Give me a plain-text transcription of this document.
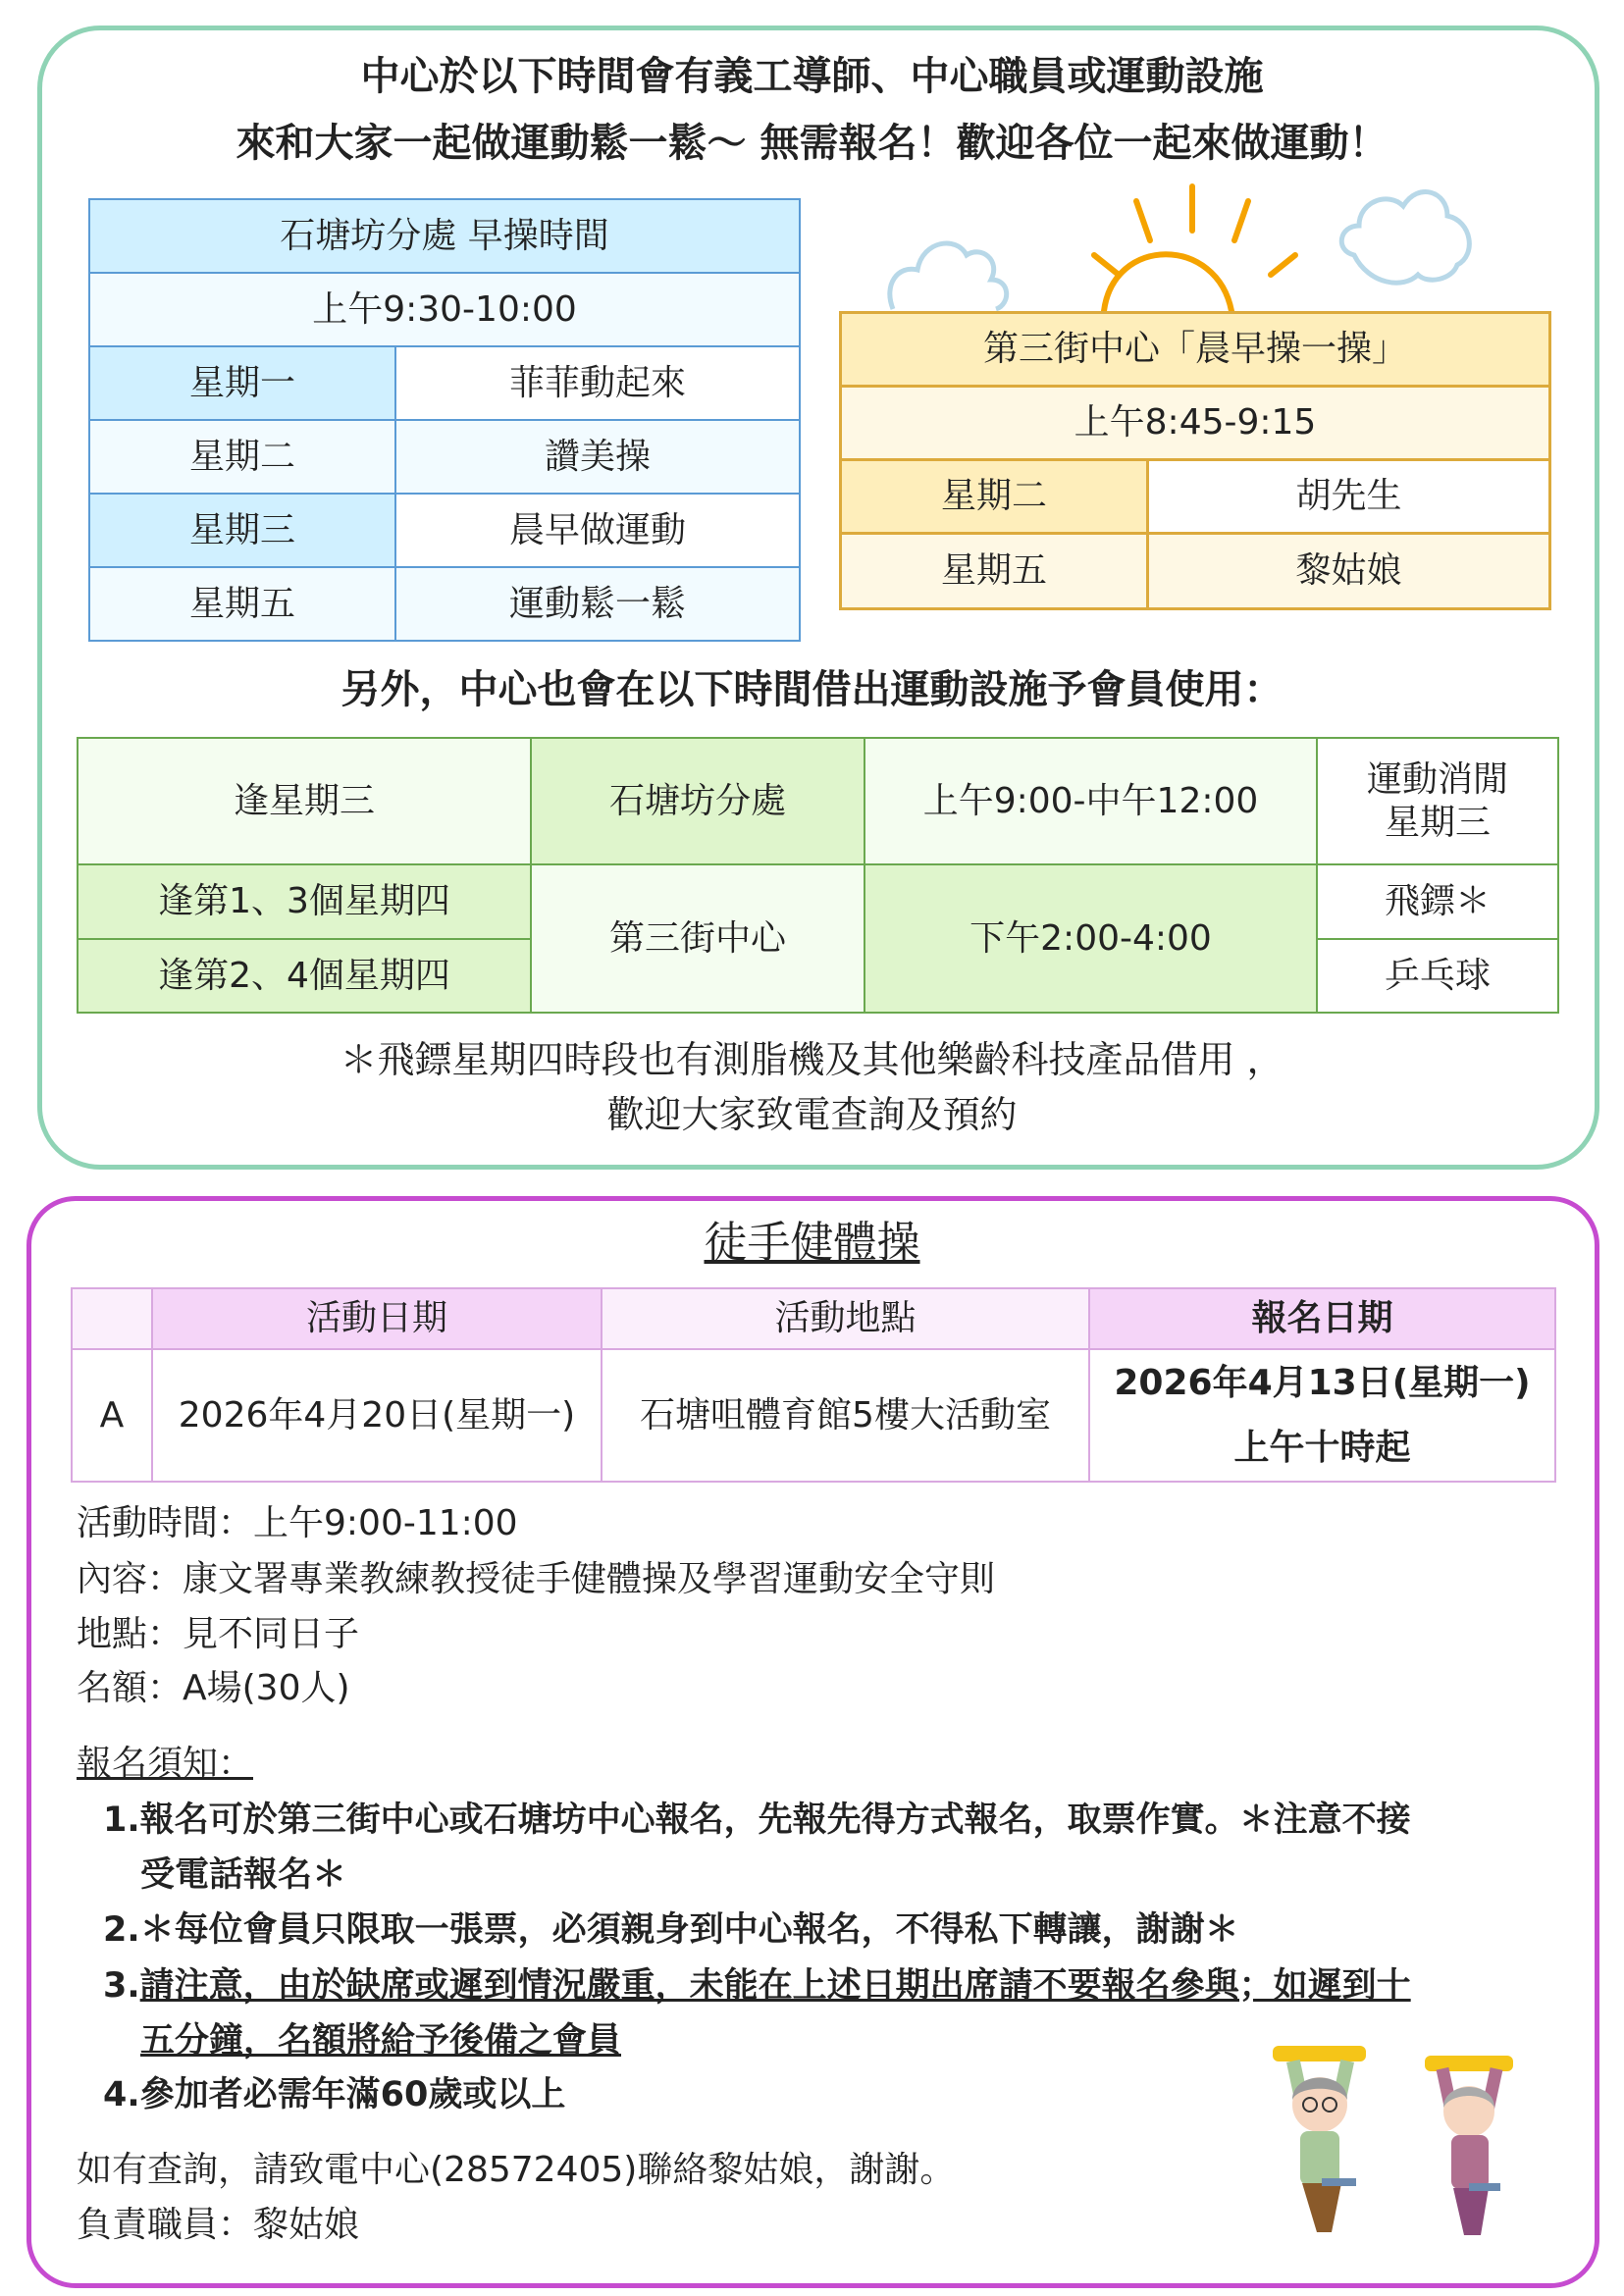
中心於以下時間會有義工導師、中心職員或運動設施
來和大家一起做運動鬆一鬆～ 無需報名！歡迎各位一起來做運動！
石塘坊分處 早操時間	
上午9:30-10:00	
星期一	菲菲動起來
星期二	讚美操
星期三	晨早做運動
星期五	運動鬆一鬆
第三街中心「晨早操一操」	
上午8:45-9:15	
星期二	胡先生
星期五	黎姑娘
另外，中心也會在以下時間借出運動設施予會員使用：
逢星期三	石塘坊分處	上午9:00-中午12:00	運動消閒
星期三

逢第1、3個星期四	第三街中心	下午2:00-4:00	飛鏢＊
逢第2、4個星期四			乒乓球
＊飛鏢星期四時段也有測脂機及其他樂齡科技產品借用 ，
歡迎大家致電查詢及預約
徒手健體操
	活動日期	活動地點	報名日期
A	2026年4月20日(星期一)	石塘咀體育館5樓大活動室	2026年4月13日(星期一)
上午十時起
活動時間：上午9:00-11:00
內容：康文署專業教練教授徒手健體操及學習運動安全守則
地點：見不同日子
名額：A場(30人)
報名須知：
1.報名可於第三街中心或石塘坊中心報名，先報先得方式報名，取票作實。＊注意不接
受電話報名＊
2.＊每位會員只限取一張票，必須親身到中心報名，不得私下轉讓，謝謝＊
3.請注意，由於缺席或遲到情況嚴重，未能在上述日期出席請不要報名參與；如遲到十
五分鐘，名額將給予後備之會員
4.參加者必需年滿60歲或以上
如有查詢，請致電中心(28572405)聯絡黎姑娘，謝謝。
負責職員：黎姑娘
